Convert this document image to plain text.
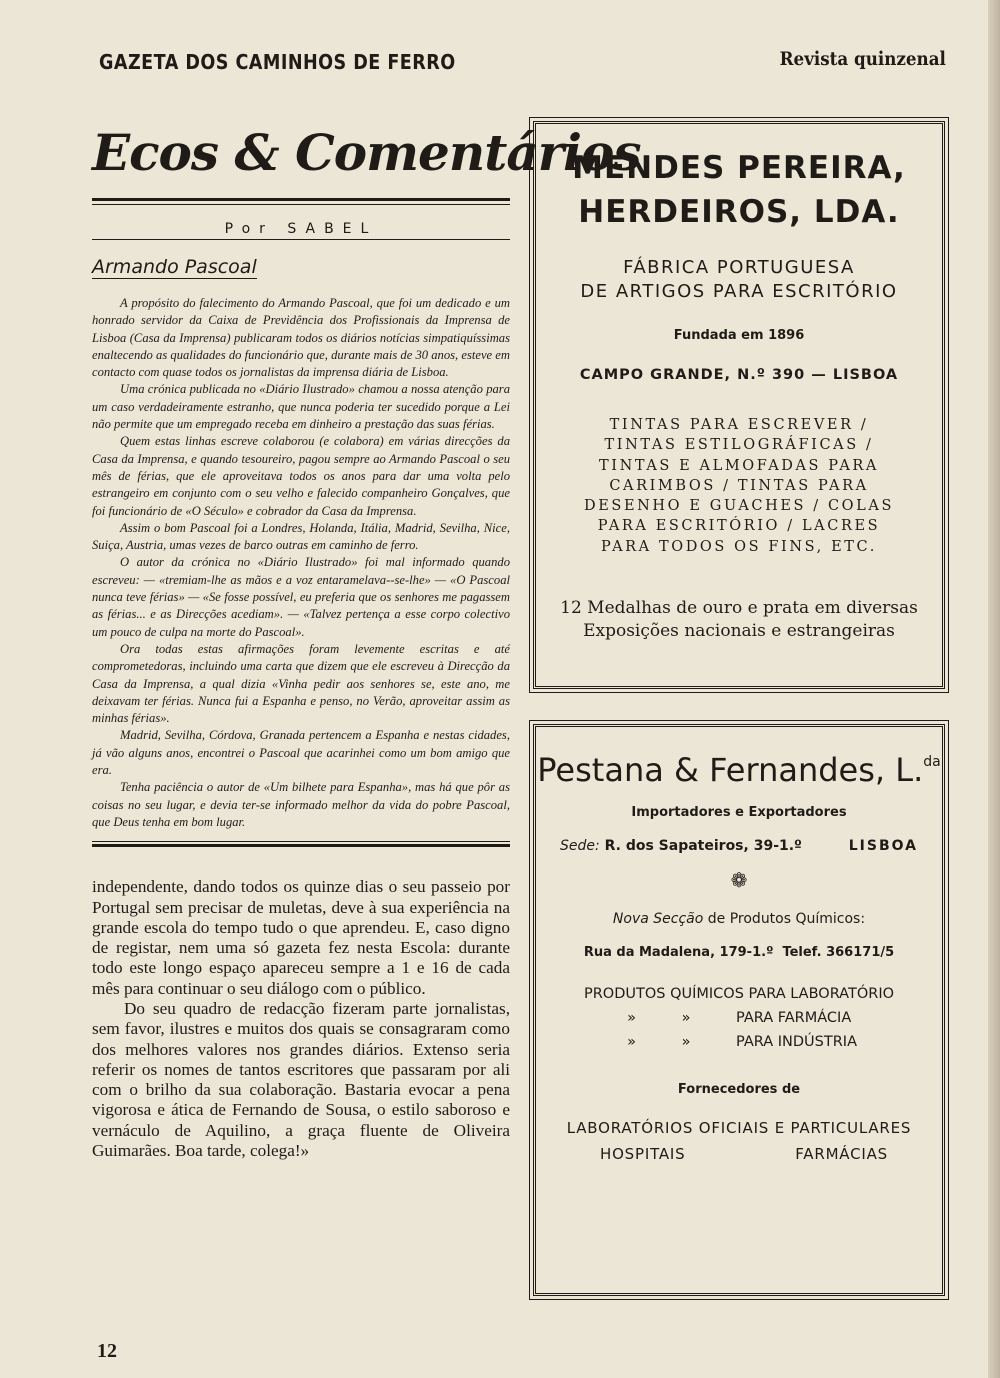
GAZETA DOS CAMINHOS DE FERRO	Revista quinzenal
Ecos & Comentários
Por SABEL
Armando Pascoal

A propósito do falecimento do Armando Pascoal, que foi um dedicado e um honrado servidor da Caixa de Previdência dos Profissionais da Imprensa de Lisboa (Casa da Imprensa) publicaram todos os diários notícias simpatiquíssimas enaltecendo as qualidades do funcionário que, durante mais de 30 anos, esteve em contacto com quase todos os jornalistas da imprensa diária de Lisboa.

Uma crónica publicada no «Diário Ilustrado» chamou a nossa atenção para um caso verdadeiramente estranho, que nunca poderia ter sucedido porque a Lei não permite que um empregado receba em dinheiro a prestação das suas férias.

Quem estas linhas escreve colaborou (e colabora) em várias direcções da Casa da Imprensa, e quando tesoureiro, pagou sempre ao Armando Pascoal o seu mês de férias, que ele aproveitava todos os anos para dar uma volta pelo estrangeiro em conjunto com o seu velho e falecido companheiro Gonçalves, que foi funcionário de «O Século» e cobrador da Casa da Imprensa.

Assim o bom Pascoal foi a Londres, Holanda, Itália, Madrid, Sevilha, Nice, Suiça, Austria, umas vezes de barco outras em caminho de ferro.

O autor da crónica no «Diário Ilustrado» foi mal informado quando escreveu: — «tremiam-lhe as mãos e a voz entaramelava--se-lhe» — «O Pascoal nunca teve férias» — «Se fosse possível, eu preferia que os senhores me pagassem as férias... e as Direcções acediam». — «Talvez pertença a esse corpo colectivo um pouco de culpa na morte do Pascoal».

Ora todas estas afirmações foram levemente escritas e até comprometedoras, incluindo uma carta que dizem que ele escreveu à Direcção da Casa da Imprensa, a qual dizia «Vinha pedir aos senhores se, este ano, me deixavam ter férias. Nunca fui a Espanha e penso, no Verão, aproveitar assim as minhas férias».

Madrid, Sevilha, Córdova, Granada pertencem a Espanha e nestas cidades, já vão alguns anos, encontrei o Pascoal que acarinhei como um bom amigo que era.

Tenha paciência o autor de «Um bilhete para Espanha», mas há que pôr as coisas no seu lugar, e devia ter-se informado melhor da vida do pobre Pascoal, que Deus tenha em bom lugar.

independente, dando todos os quinze dias o seu passeio por Portugal sem precisar de muletas, deve à sua experiência na grande escola do tempo tudo o que aprendeu. E, caso digno de registar, nem uma só gazeta fez nesta Escola: durante todo este longo espaço apareceu sempre a 1 e 16 de cada mês para continuar o seu diálogo com o público.

Do seu quadro de redacção fizeram parte jornalistas, sem favor, ilustres e muitos dos quais se consagraram como dos melhores valores nos grandes diários. Extenso seria referir os nomes de tantos escritores que passaram por ali com o brilho da sua colaboração. Bastaria evocar a pena vigorosa e ática de Fernando de Sousa, o estilo saboroso e vernáculo de Aquilino, a graça fluente de Oliveira Guimarães. Boa tarde, colega!»

12
MENDES PEREIRA,
HERDEIROS, LDA.
FÁBRICA PORTUGUESA
DE ARTIGOS PARA ESCRITÓRIO
Fundada em 1896
CAMPO GRANDE, N.º 390 — LISBOA
TINTAS PARA ESCREVER / TINTAS ESTILOGRÁFICAS / TINTAS E ALMOFADAS PARA CARIMBOS / TINTAS PARA DESENHO E GUACHES / COLAS PARA ESCRITÓRIO / LACRES PARA TODOS OS FINS, ETC.
12 Medalhas de ouro e prata em diversas Exposições nacionais e estrangeiras
Pestana & Fernandes, L.$^{da}$
Importadores e Exportadores
Sede: R. dos Sapateiros, 39-1.º	LISBOA
❁
Nova Secção de Produtos Químicos:
Rua da Madalena, 179-1.º  Telef. 366171/5
PRODUTOS QUÍMICOS PARA LABORATÓRIO
»	»	PARA FARMÁCIA
»	»	PARA INDÚSTRIA
Fornecedores de
LABORATÓRIOS OFICIAIS E PARTICULARES
HOSPITAIS	FARMÁCIAS
